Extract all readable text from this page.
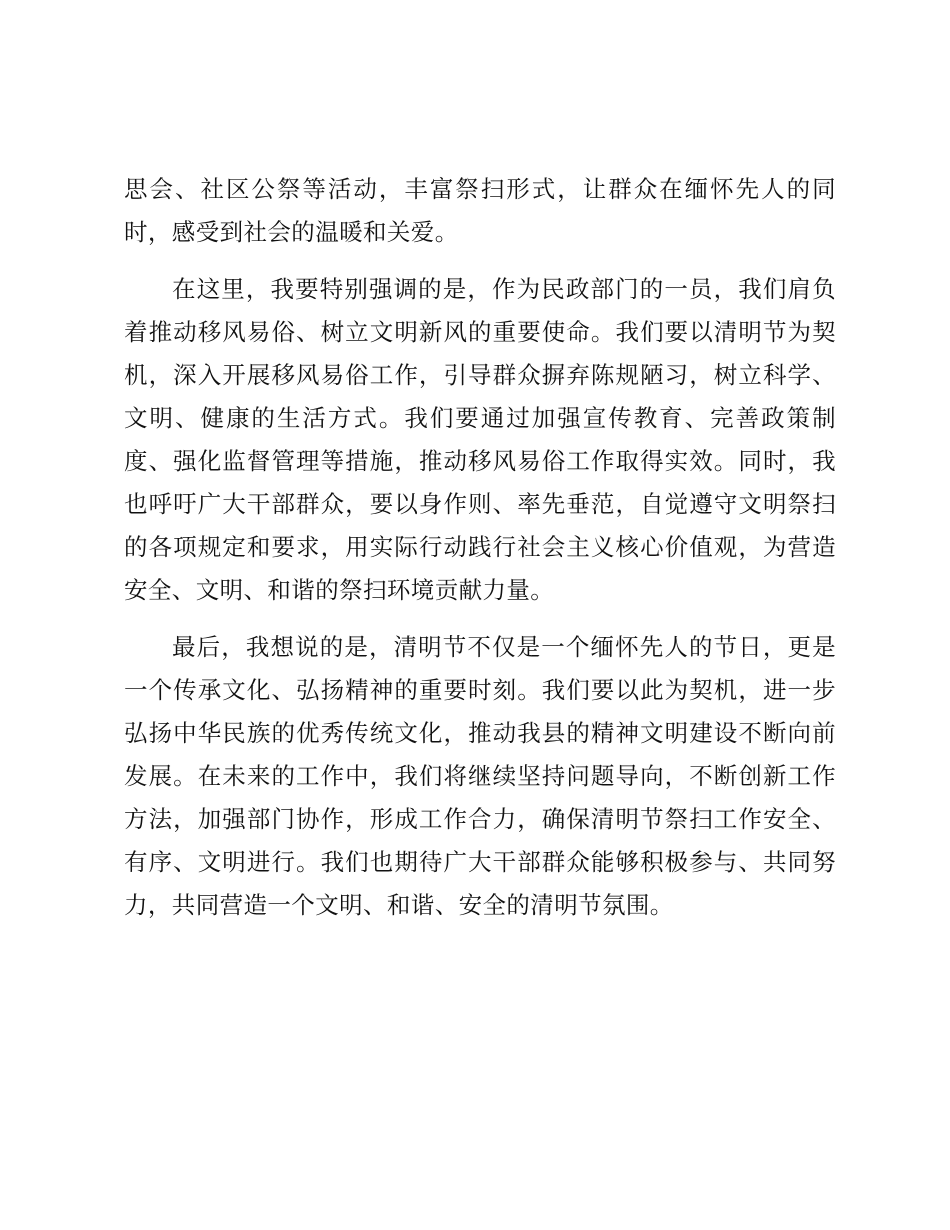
思会、社区公祭等活动，丰富祭扫形式，让群众在缅怀先人的同时，感受到社会的温暖和关爱。

在这里，我要特别强调的是，作为民政部门的一员，我们肩负着推动移风易俗、树立文明新风的重要使命。我们要以清明节为契机，深入开展移风易俗工作，引导群众摒弃陈规陋习，树立科学、文明、健康的生活方式。我们要通过加强宣传教育、完善政策制度、强化监督管理等措施，推动移风易俗工作取得实效。同时，我也呼吁广大干部群众，要以身作则、率先垂范，自觉遵守文明祭扫的各项规定和要求，用实际行动践行社会主义核心价值观，为营造安全、文明、和谐的祭扫环境贡献力量。

最后，我想说的是，清明节不仅是一个缅怀先人的节日，更是一个传承文化、弘扬精神的重要时刻。我们要以此为契机，进一步弘扬中华民族的优秀传统文化，推动我县的精神文明建设不断向前发展。在未来的工作中，我们将继续坚持问题导向，不断创新工作方法，加强部门协作，形成工作合力，确保清明节祭扫工作安全、有序、文明进行。我们也期待广大干部群众能够积极参与、共同努力，共同营造一个文明、和谐、安全的清明节氛围。
